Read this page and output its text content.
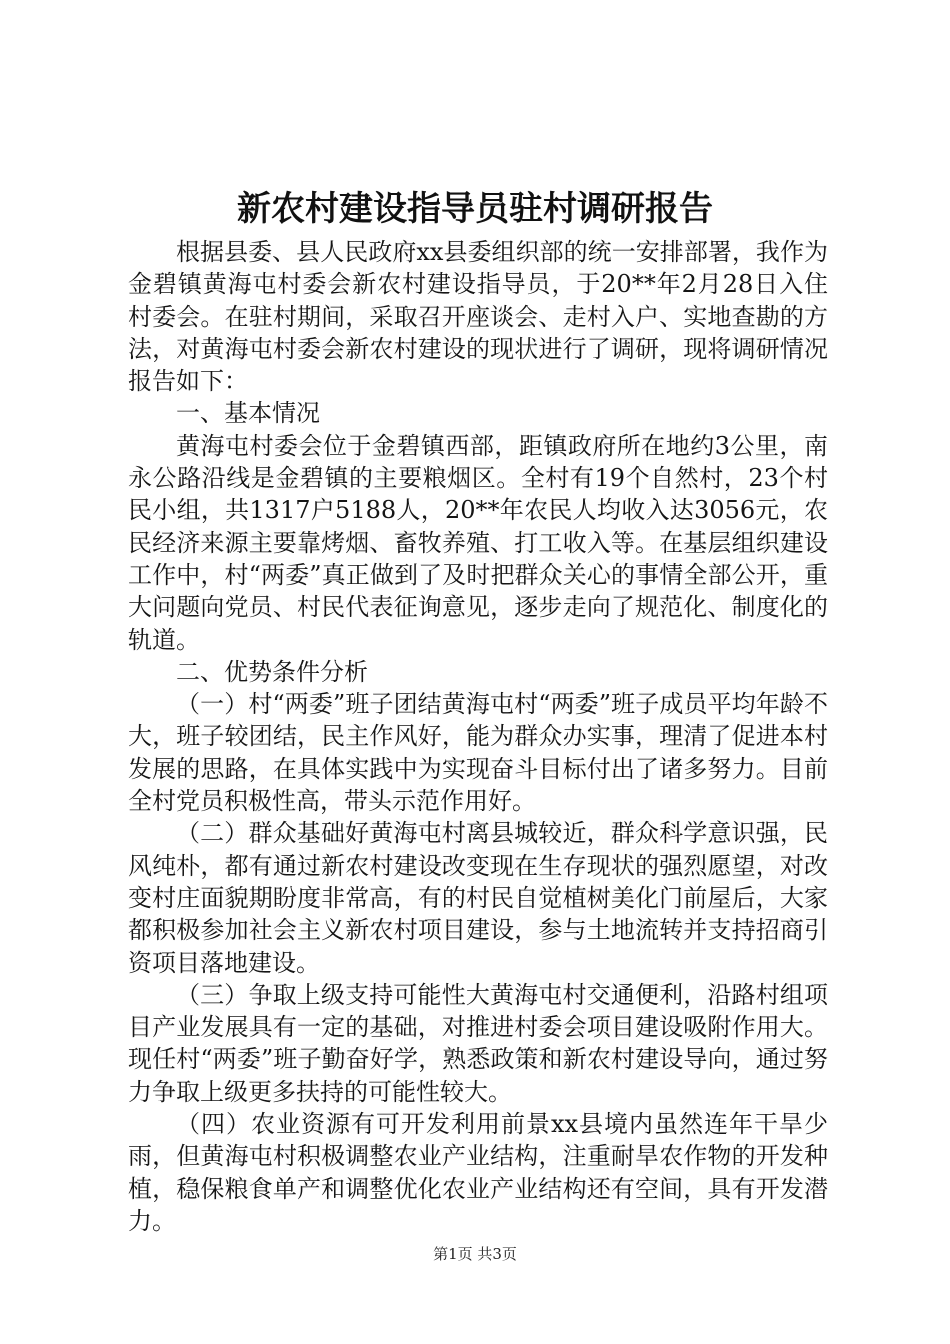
新农村建设指导员驻村调研报告

根据县委、县人民政府xx县委组织部的统一安排部署，我作为金碧镇黄海屯村委会新农村建设指导员，于20**年2月28日入住村委会。在驻村期间，采取召开座谈会、走村入户、实地查勘的方法，对黄海屯村委会新农村建设的现状进行了调研，现将调研情况报告如下：

一、基本情况

黄海屯村委会位于金碧镇西部，距镇政府所在地约3公里，南永公路沿线是金碧镇的主要粮烟区。全村有19个自然村，23个村民小组，共1317户5188人，20**年农民人均收入达3056元，农民经济来源主要靠烤烟、畜牧养殖、打工收入等。在基层组织建设工作中，村“两委”真正做到了及时把群众关心的事情全部公开，重大问题向党员、村民代表征询意见，逐步走向了规范化、制度化的轨道。

二、优势条件分析

（一）村“两委”班子团结黄海屯村“两委”班子成员平均年龄不大，班子较团结，民主作风好，能为群众办实事，理清了促进本村发展的思路，在具体实践中为实现奋斗目标付出了诸多努力。目前全村党员积极性高，带头示范作用好。

（二）群众基础好黄海屯村离县城较近，群众科学意识强，民风纯朴，都有通过新农村建设改变现在生存现状的强烈愿望，对改变村庄面貌期盼度非常高，有的村民自觉植树美化门前屋后，大家都积极参加社会主义新农村项目建设，参与土地流转并支持招商引资项目落地建设。

（三）争取上级支持可能性大黄海屯村交通便利，沿路村组项目产业发展具有一定的基础，对推进村委会项目建设吸附作用大。现任村“两委”班子勤奋好学，熟悉政策和新农村建设导向，通过努力争取上级更多扶持的可能性较大。

（四）农业资源有可开发利用前景xx县境内虽然连年干旱少雨，但黄海屯村积极调整农业产业结构，注重耐旱农作物的开发种植，稳保粮食单产和调整优化农业产业结构还有空间，具有开发潜力。

第1页 共3页
